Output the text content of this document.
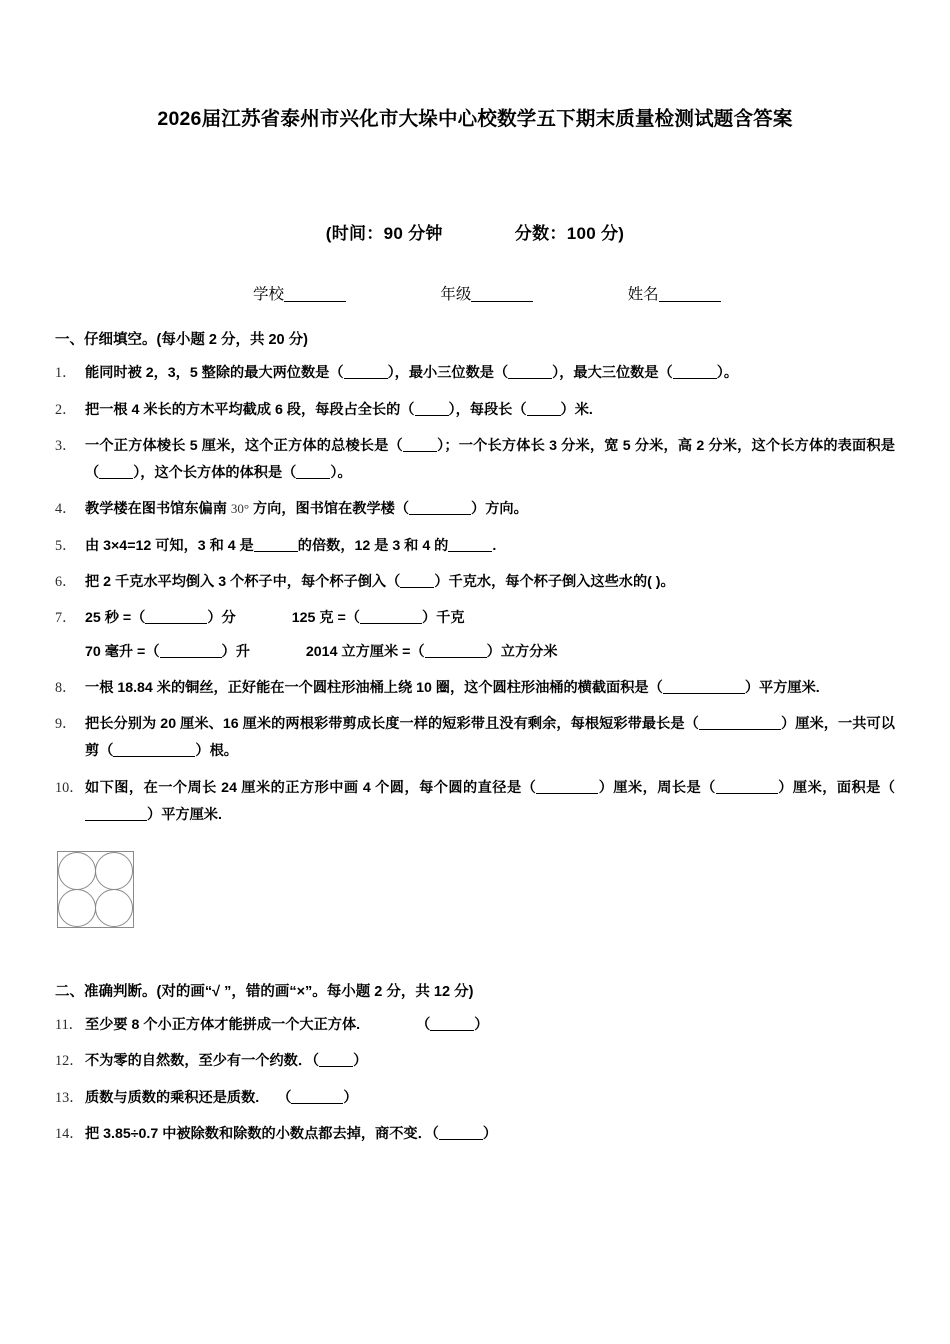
2026届江苏省泰州市兴化市大垛中心校数学五下期末质量检测试题含答案
(时间：90 分钟	分数：100 分)
学校	年级	姓名
一、仔细填空。(每小题 2 分，共 20 分)
1． 能同时被 2，3，5 整除的最大两位数是（	），最小三位数是（	），最大三位数是（	）。
2． 把一根 4 米长的方木平均截成 6 段，每段占全长的（ ），每段长（ ）米.
3． 一个正方体棱长 5 厘米，这个正方体的总棱长是（ ）；一个长方体长 3 分米，宽 5 分米，高 2 分米，这个长方体的表面积是（ ），这个长方体的体积是（ ）。
4． 教学楼在图书馆东偏南 30° 方向，图书馆在教学楼（	）方向。
5． 由 3×4=12 可知，3 和 4 是	的倍数，12 是 3 和 4 的	.
6． 把 2 千克水平均倒入 3 个杯子中，每个杯子倒入（ ）千克水，每个杯子倒入这些水的( )。
7． 25 秒 =（	）分	125 克 =（	）千克
70 毫升 =（	）升	2014 立方厘米 =（	）立方分米
8． 一根 18.84 米的铜丝，正好能在一个圆柱形油桶上绕 10 圈，这个圆柱形油桶的横截面积是（	）平方厘米.
9． 把长分别为 20 厘米、16 厘米的两根彩带剪成长度一样的短彩带且没有剩余，每根短彩带最长是（	）厘米，一共可以剪（	）根。
10． 如下图，在一个周长 24 厘米的正方形中画 4 个圆，每个圆的直径是（	）厘米，周长是（	）厘米，面积是（）平方厘米.
二、准确判断。(对的画“√ ”，错的画“×”。每小题 2 分，共 12 分)
11． 至少要 8 个小正方体才能拼成一个大正方体.	（	）
12． 不为零的自然数，至少有一个约数．（ ）
13． 质数与质数的乘积还是质数. （	）
14． 把 3.85÷0.7 中被除数和除数的小数点都去掉，商不变．（	）
